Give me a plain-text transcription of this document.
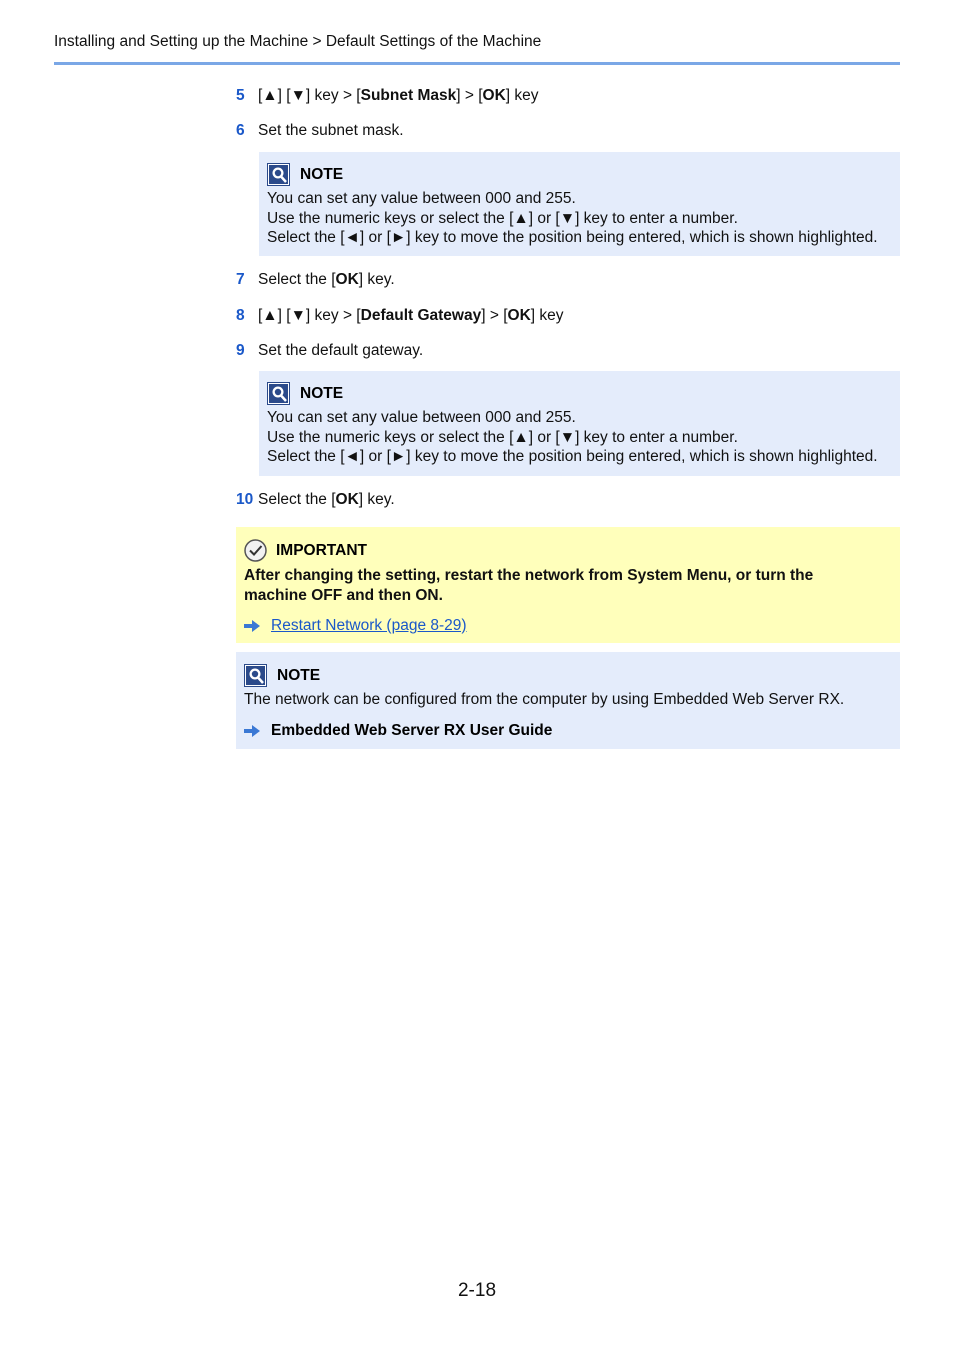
Installing and Setting up the Machine > Default Settings of the Machine
5 [▲] [▼] key > [Subnet Mask] > [OK] key
6 Set the subnet mask.
NOTE
You can set any value between 000 and 255.
Use the numeric keys or select the [▲] or [▼] key to enter a number.
Select the [◄] or [►] key to move the position being entered, which is shown highlighted.
7 Select the [OK] key.
8 [▲] [▼] key > [Default Gateway] > [OK] key
9 Set the default gateway.
NOTE
You can set any value between 000 and 255.
Use the numeric keys or select the [▲] or [▼] key to enter a number.
Select the [◄] or [►] key to move the position being entered, which is shown highlighted.
10 Select the [OK] key.
IMPORTANT
After changing the setting, restart the network from System Menu, or turn the
machine OFF and then ON.
Restart Network (page 8-29)
NOTE
The network can be configured from the computer by using Embedded Web Server RX.
Embedded Web Server RX User Guide
2-18
